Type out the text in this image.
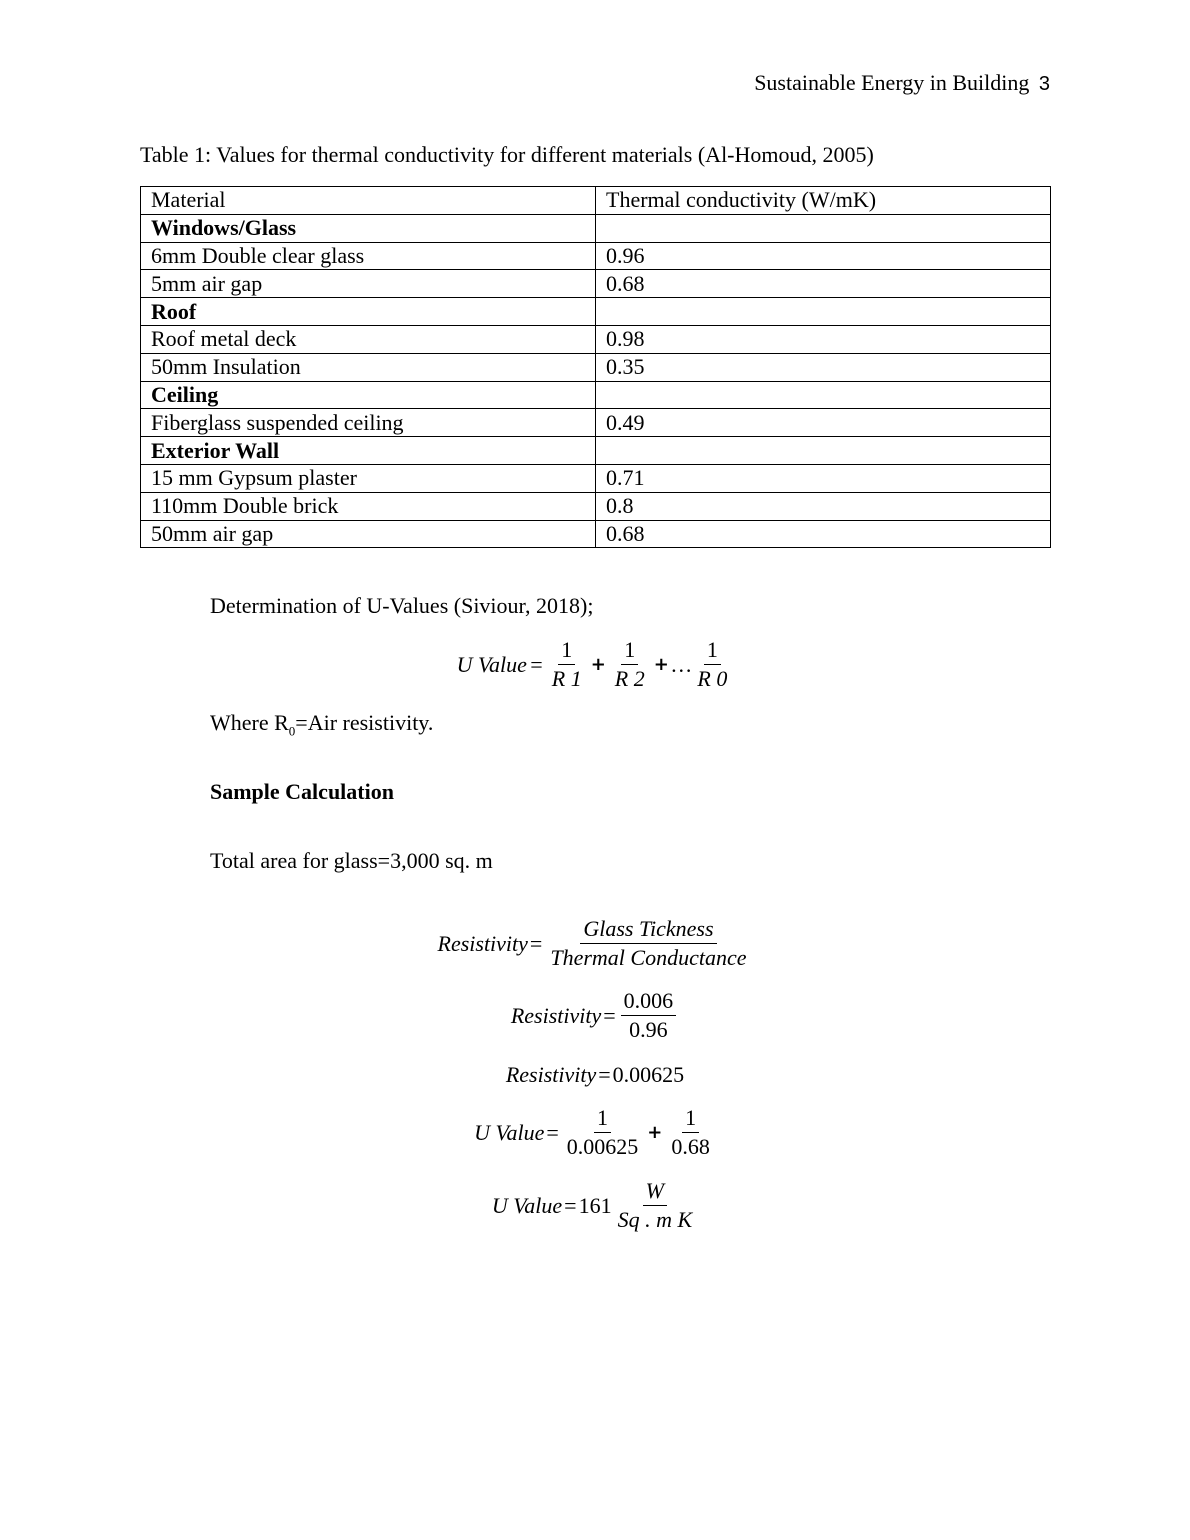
Sustainable Energy in Building 3
Table 1: Values for thermal conductivity for different materials (Al-Homoud, 2005)
Material	Thermal conductivity (W/mK)
Windows/Glass	
6mm Double clear glass	0.96
5mm air gap	0.68
Roof	
Roof metal deck	0.98
50mm Insulation	0.35
Ceiling	
Fiberglass suspended ceiling	0.49
Exterior Wall	
15 mm Gypsum plaster	0.71
110mm Double brick	0.8
50mm air gap	0.68
Determination of U-Values (Siviour, 2018);
U Value = $\frac{1}{R 1} + \frac{1}{R 2}$ + … $\frac{1}{R 0}$
Where $R_0=Air$ resistivity.
Sample Calculation
Total area for glass=3,000 sq. m
Resistivity = $\frac{\text{Glass Tickness}}{\text{Thermal Conductance}}$
Resistivity = $\frac{0.006}{0.96}$
Resistivity = 0.00625
U Value = $\frac{1}{0.00625} + \frac{1}{0.68}$
U Value = $161 \frac{W}{\text{Sq . m K}}$
